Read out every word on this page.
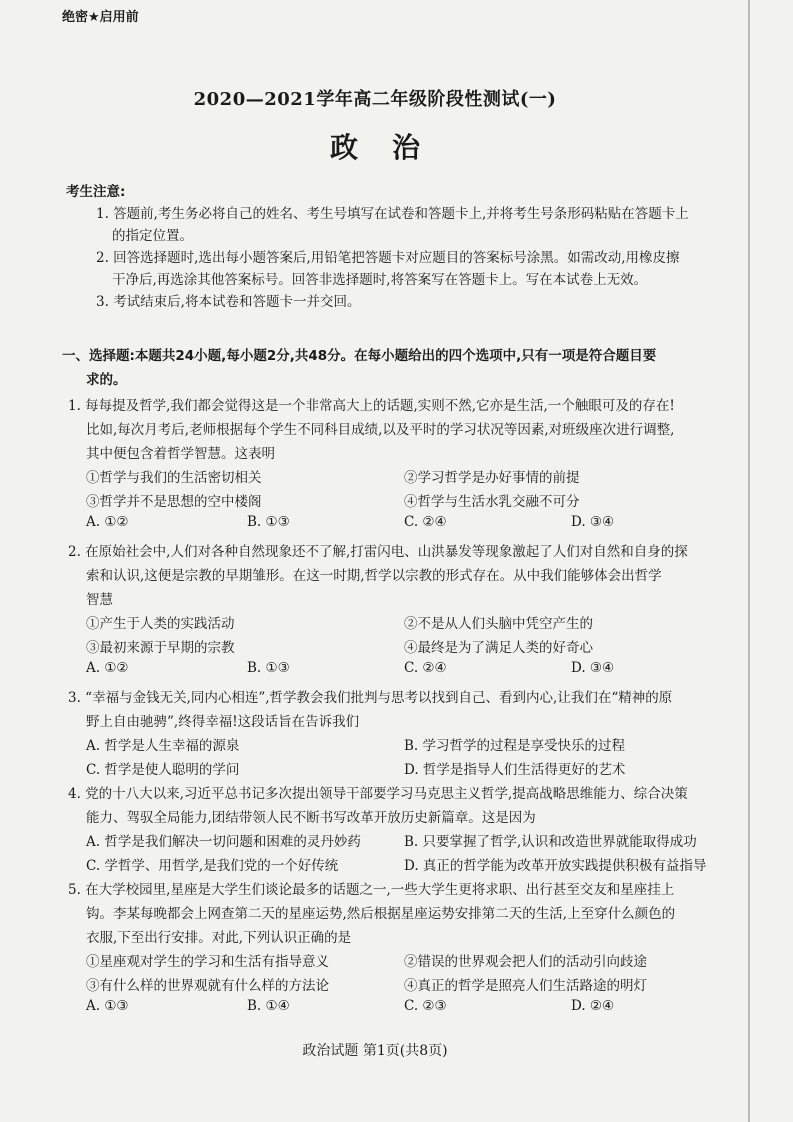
绝密★启用前
2020—2021学年高二年级阶段性测试(一)
政治
考生注意:
1. 答题前,考生务必将自己的姓名、考生号填写在试卷和答题卡上,并将考生号条形码粘贴在答题卡上
的指定位置。
2. 回答选择题时,选出每小题答案后,用铅笔把答题卡对应题目的答案标号涂黑。如需改动,用橡皮擦
干净后,再选涂其他答案标号。回答非选择题时,将答案写在答题卡上。写在本试卷上无效。
3. 考试结束后,将本试卷和答题卡一并交回。
一、选择题:本题共24小题,每小题2分,共48分。在每小题给出的四个选项中,只有一项是符合题目要
求的。
1. 每每提及哲学,我们都会觉得这是一个非常高大上的话题,实则不然,它亦是生活,一个触眼可及的存在!
比如,每次月考后,老师根据每个学生不同科目成绩,以及平时的学习状况等因素,对班级座次进行调整,
其中便包含着哲学智慧。这表明
①哲学与我们的生活密切相关	②学习哲学是办好事情的前提
③哲学并不是思想的空中楼阁	④哲学与生活水乳交融不可分
A. ①②	B. ①③	C. ②④	D. ③④
2. 在原始社会中,人们对各种自然现象还不了解,打雷闪电、山洪暴发等现象激起了人们对自然和自身的探
索和认识,这便是宗教的早期雏形。在这一时期,哲学以宗教的形式存在。从中我们能够体会出哲学
智慧
①产生于人类的实践活动	②不是从人们头脑中凭空产生的
③最初来源于早期的宗教	④最终是为了满足人类的好奇心
A. ①②	B. ①③	C. ②④	D. ③④
3. “幸福与金钱无关,同内心相连”,哲学教会我们批判与思考以找到自己、看到内心,让我们在“精神的原
野上自由驰骋”,终得幸福!这段话旨在告诉我们
A. 哲学是人生幸福的源泉	B. 学习哲学的过程是享受快乐的过程
C. 哲学是使人聪明的学问	D. 哲学是指导人们生活得更好的艺术
4. 党的十八大以来,习近平总书记多次提出领导干部要学习马克思主义哲学,提高战略思维能力、综合决策
能力、驾驭全局能力,团结带领人民不断书写改革开放历史新篇章。这是因为
A. 哲学是我们解决一切问题和困难的灵丹妙药	B. 只要掌握了哲学,认识和改造世界就能取得成功
C. 学哲学、用哲学,是我们党的一个好传统	D. 真正的哲学能为改革开放实践提供积极有益指导
5. 在大学校园里,星座是大学生们谈论最多的话题之一,一些大学生更将求职、出行甚至交友和星座挂上
钩。李某每晚都会上网查第二天的星座运势,然后根据星座运势安排第二天的生活,上至穿什么颜色的
衣服,下至出行安排。对此,下列认识正确的是
①星座观对学生的学习和生活有指导意义	②错误的世界观会把人们的活动引向歧途
③有什么样的世界观就有什么样的方法论	④真正的哲学是照亮人们生活路途的明灯
A. ①③	B. ①④	C. ②③	D. ②④
政治试题 第1页(共8页)
